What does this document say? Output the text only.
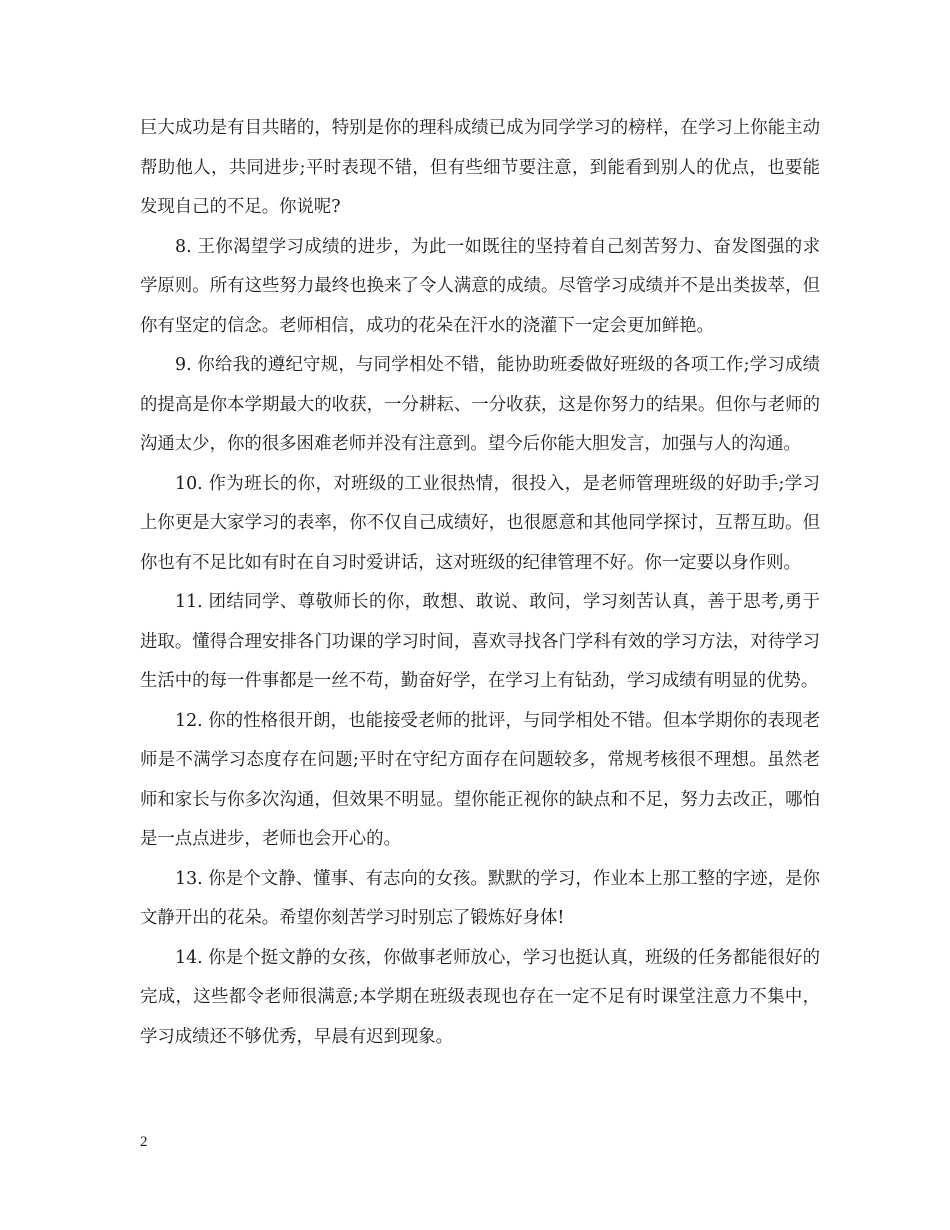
巨大成功是有目共睹的，特别是你的理科成绩已成为同学学习的榜样，在学习上你能主动帮助他人，共同进步;平时表现不错，但有些细节要注意，到能看到别人的优点，也要能发现自己的不足。你说呢?

8. 王你渴望学习成绩的进步，为此一如既往的坚持着自己刻苦努力、奋发图强的求学原则。所有这些努力最终也换来了令人满意的成绩。尽管学习成绩并不是出类拔萃，但你有坚定的信念。老师相信，成功的花朵在汗水的浇灌下一定会更加鲜艳。

9. 你给我的遵纪守规，与同学相处不错，能协助班委做好班级的各项工作;学习成绩的提高是你本学期最大的收获，一分耕耘、一分收获，这是你努力的结果。但你与老师的沟通太少，你的很多困难老师并没有注意到。望今后你能大胆发言，加强与人的沟通。

10. 作为班长的你，对班级的工业很热情，很投入，是老师管理班级的好助手;学习上你更是大家学习的表率，你不仅自己成绩好，也很愿意和其他同学探讨，互帮互助。但你也有不足比如有时在自习时爱讲话，这对班级的纪律管理不好。你一定要以身作则。

11. 团结同学、尊敬师长的你，敢想、敢说、敢问，学习刻苦认真，善于思考,勇于进取。懂得合理安排各门功课的学习时间，喜欢寻找各门学科有效的学习方法，对待学习生活中的每一件事都是一丝不苟，勤奋好学，在学习上有钻劲，学习成绩有明显的优势。

12. 你的性格很开朗，也能接受老师的批评，与同学相处不错。但本学期你的表现老师是不满学习态度存在问题;平时在守纪方面存在问题较多，常规考核很不理想。虽然老师和家长与你多次沟通，但效果不明显。望你能正视你的缺点和不足，努力去改正，哪怕是一点点进步，老师也会开心的。

13. 你是个文静、懂事、有志向的女孩。默默的学习，作业本上那工整的字迹，是你文静开出的花朵。希望你刻苦学习时别忘了锻炼好身体!

14. 你是个挺文静的女孩，你做事老师放心，学习也挺认真，班级的任务都能很好的完成，这些都令老师很满意;本学期在班级表现也存在一定不足有时课堂注意力不集中，学习成绩还不够优秀，早晨有迟到现象。

2
